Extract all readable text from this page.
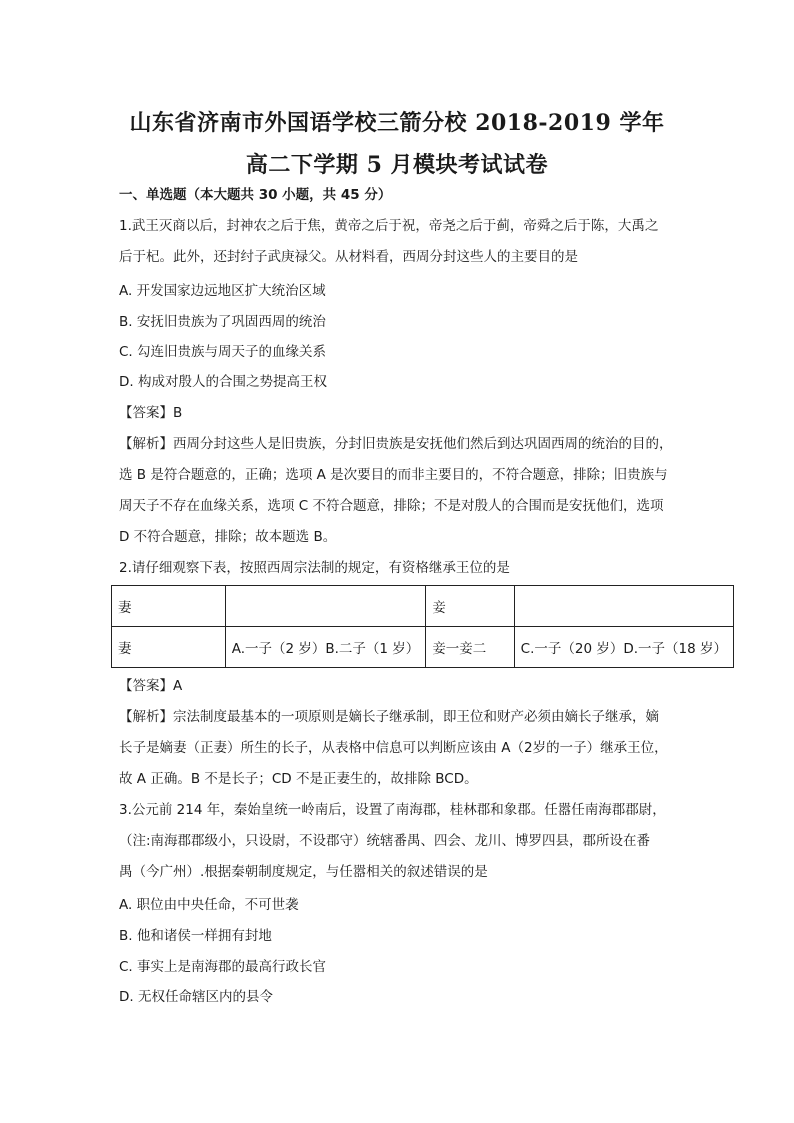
山东省济南市外国语学校三箭分校 2018-2019 学年
高二下学期 5 月模块考试试卷
一、单选题（本大题共 30 小题，共 45 分）
1.武王灭商以后，封神农之后于焦，黄帝之后于祝，帝尧之后于蓟，帝舜之后于陈，大禹之
后于杞。此外，还封纣子武庚禄父。从材料看，西周分封这些人的主要目的是
A. 开发国家边远地区扩大统治区域
B. 安抚旧贵族为了巩固西周的统治
C. 勾连旧贵族与周天子的血缘关系
D. 构成对殷人的合围之势提高王权
【答案】B
【解析】西周分封这些人是旧贵族，分封旧贵族是安抚他们然后到达巩固西周的统治的目的，
选 B 是符合题意的，正确；选项 A 是次要目的而非主要目的，不符合题意，排除；旧贵族与
周天子不存在血缘关系，选项 C 不符合题意，排除；不是对殷人的合围而是安抚他们，选项
D 不符合题意，排除；故本题选 B。
2.请仔细观察下表，按照西周宗法制的规定，有资格继承王位的是
妻		妾	
妻	A.一子（2 岁）B.二子（1 岁）	妾一妾二	C.一子（20 岁）D.一子（18 岁）
【答案】A
【解析】宗法制度最基本的一项原则是嫡长子继承制，即王位和财产必须由嫡长子继承，嫡
长子是嫡妻（正妻）所生的长子，从表格中信息可以判断应该由 A（2岁的一子）继承王位，
故 A 正确。B 不是长子；CD 不是正妻生的，故排除 BCD。
3.公元前 214 年，秦始皇统一岭南后，设置了南海郡，桂林郡和象郡。任嚣任南海郡郡尉，
（注:南海郡郡级小，只设尉，不设郡守）统辖番禺、四会、龙川、博罗四县，郡所设在番
禺（今广州）.根据秦朝制度规定，与任嚣相关的叙述错误的是
A. 职位由中央任命，不可世袭
B. 他和诸侯一样拥有封地
C. 事实上是南海郡的最高行政长官
D. 无权任命辖区内的县令
